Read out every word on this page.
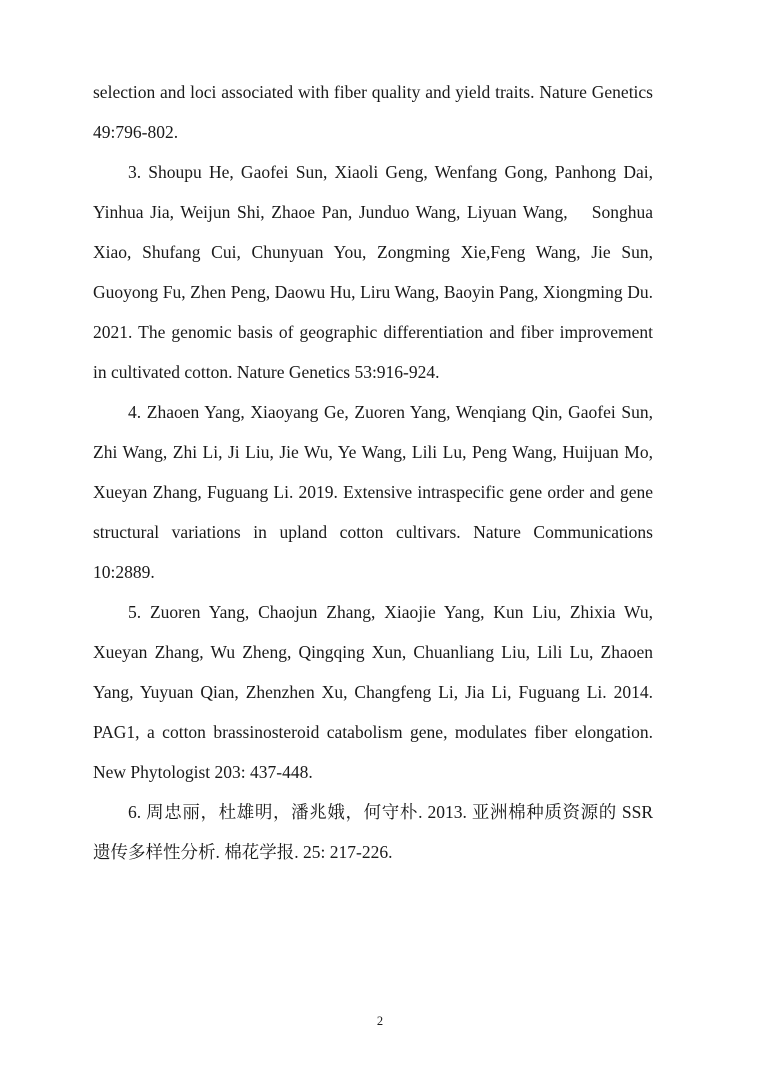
selection and loci associated with fiber quality and yield traits. Nature Genetics 49:796-802.

3. Shoupu He, Gaofei Sun, Xiaoli Geng, Wenfang Gong, Panhong Dai, Yinhua Jia, Weijun Shi, Zhaoe Pan, Junduo Wang, Liyuan Wang,  Songhua Xiao, Shufang Cui, Chunyuan You, Zongming Xie,Feng Wang, Jie Sun, Guoyong Fu, Zhen Peng, Daowu Hu, Liru Wang, Baoyin Pang, Xiongming Du. 2021. The genomic basis of geographic differentiation and fiber improvement in cultivated cotton. Nature Genetics 53:916-924.

4. Zhaoen Yang, Xiaoyang Ge, Zuoren Yang, Wenqiang Qin, Gaofei Sun, Zhi Wang, Zhi Li, Ji Liu, Jie Wu, Ye Wang, Lili Lu, Peng Wang, Huijuan Mo, Xueyan Zhang, Fuguang Li. 2019. Extensive intraspecific gene order and gene structural variations in upland cotton cultivars. Nature Communications 10:2889.

5. Zuoren Yang, Chaojun Zhang, Xiaojie Yang, Kun Liu, Zhixia Wu, Xueyan Zhang, Wu Zheng, Qingqing Xun, Chuanliang Liu, Lili Lu, Zhaoen Yang, Yuyuan Qian, Zhenzhen Xu, Changfeng Li, Jia Li, Fuguang Li. 2014. PAG1, a cotton brassinosteroid catabolism gene, modulates fiber elongation. New Phytologist 203: 437-448.

6. 周忠丽，杜雄明，潘兆娥，何守朴. 2013. 亚洲棉种质资源的 SSR 遗传多样性分析. 棉花学报. 25: 217-226.

2
